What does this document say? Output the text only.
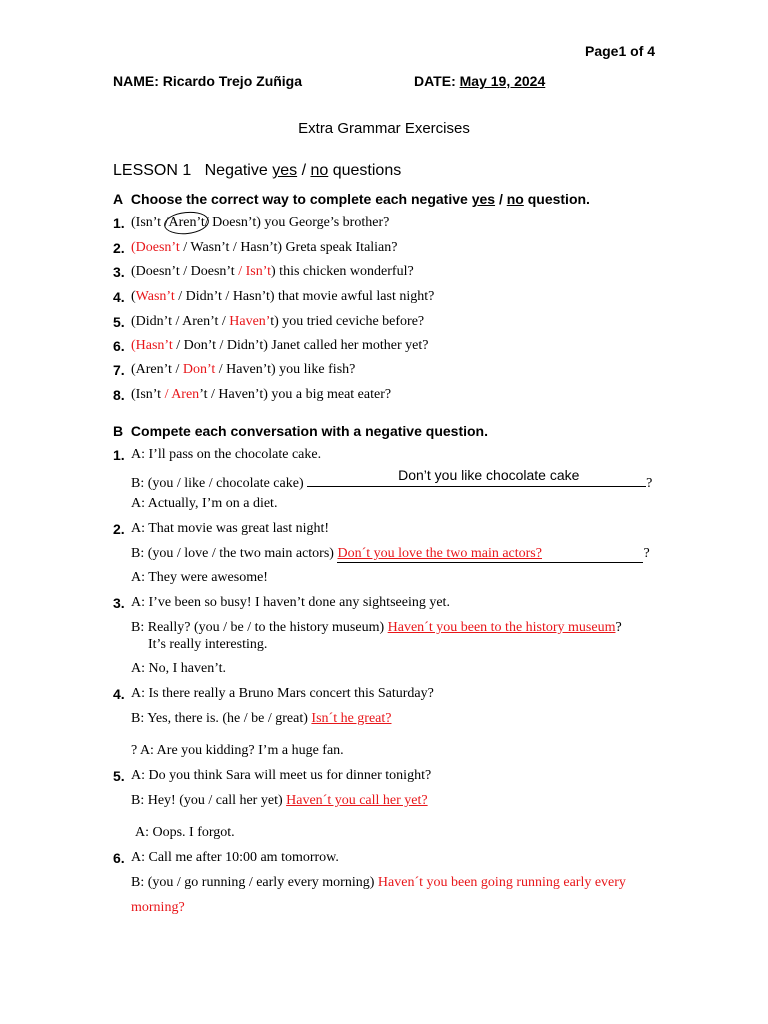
Page1 of 4
NAME: Ricardo Trejo Zuñiga	DATE: May 19, 2024
Extra Grammar Exercises
LESSON 1 Negative yes / no questions
A Choose the correct way to complete each negative yes / no question.
1. (Isn’t /Aren’t/ Doesn’t) you George’s brother?
2. (Doesn’t / Wasn’t / Hasn’t) Greta speak Italian?
3. (Doesn’t / Doesn’t / Isn’t) this chicken wonderful?
4. (Wasn’t / Didn’t / Hasn’t) that movie awful last night?
5. (Didn’t / Aren’t / Haven’t) you tried ceviche before?
6. (Hasn’t / Don’t / Didn’t) Janet called her mother yet?
7. (Aren’t / Don’t / Haven’t) you like fish?
8. (Isn’t / Aren’t / Haven’t) you a big meat eater?
B Compete each conversation with a negative question.
1. A: I’ll pass on the chocolate cake.
B: (you / like / chocolate cake)
Don’t you like chocolate cake
?
A: Actually, I’m on a diet.
2. A: That movie was great last night!
B: (you / love / the two main actors) Don´t you love the two main actors?	?
A: They were awesome!
3. A: I’ve been so busy! I haven’t done any sightseeing yet.
B: Really? (you / be / to the history museum) Haven´t you been to the history museum?
It’s really interesting.
A: No, I haven’t.
4. A: Is there really a Bruno Mars concert this Saturday?
B: Yes, there is. (he / be / great) Isn´t he great?
? A: Are you kidding? I’m a huge fan.
5. A: Do you think Sara will meet us for dinner tonight?
B: Hey! (you / call her yet) Haven´t you call her yet?
A: Oops. I forgot.
6. A: Call me after 10:00 am tomorrow.
B: (you / go running / early every morning) Haven´t you been going running early every
morning?
